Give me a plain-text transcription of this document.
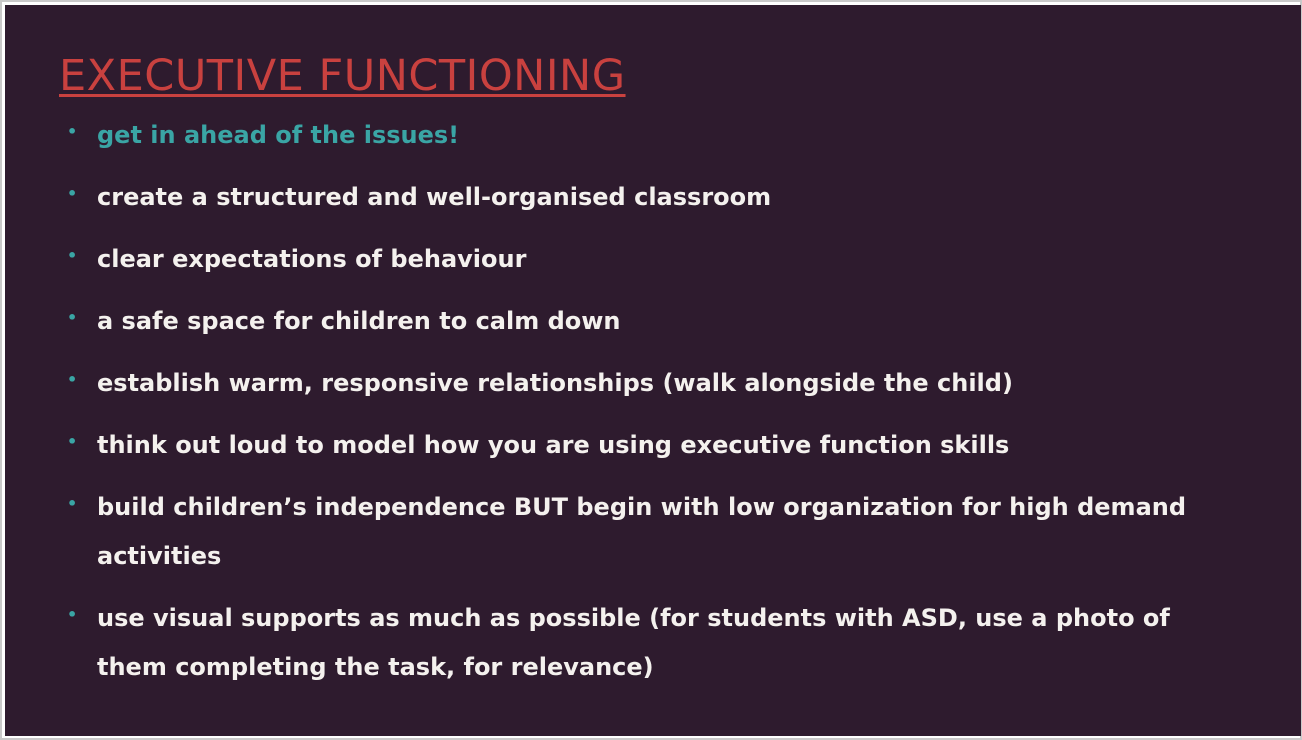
EXECUTIVE FUNCTIONING
• get in ahead of the issues!
• create a structured and well-organised classroom
• clear expectations of behaviour
• a safe space for children to calm down
• establish warm, responsive relationships (walk alongside the child)
• think out loud to model how you are using executive function skills
• build children’s independence BUT begin with low organization for high demand activities
• use visual supports as much as possible (for students with ASD, use a photo of them completing the task, for relevance)
